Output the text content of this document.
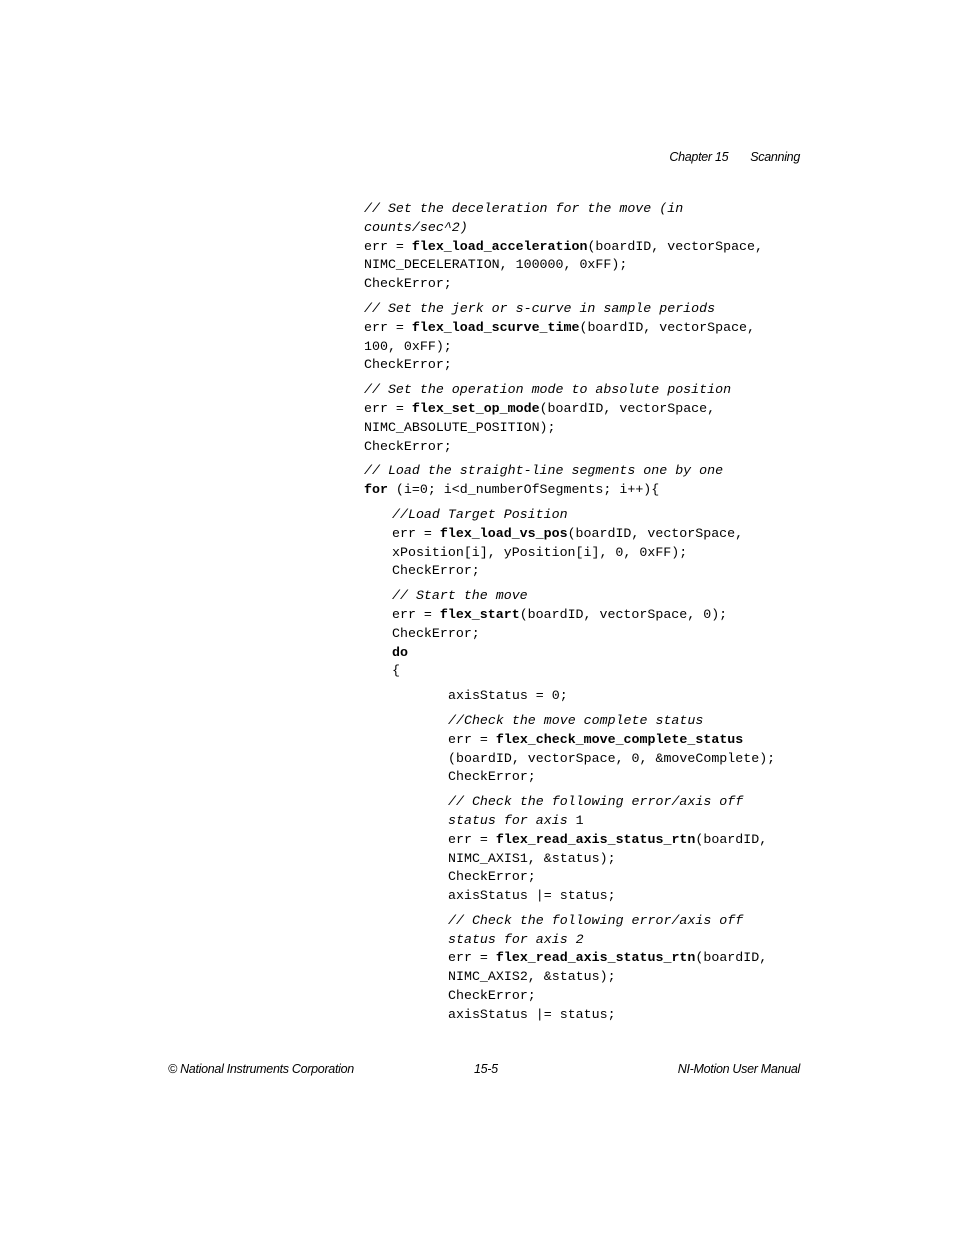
Chapter 15 Scanning
// Set the deceleration for the move (in
counts/sec^2)
err = flex_load_acceleration(boardID, vectorSpace,
NIMC_DECELERATION, 100000, 0xFF);
CheckError;
// Set the jerk or s-curve in sample periods
err = flex_load_scurve_time(boardID, vectorSpace,
100, 0xFF);
CheckError;
// Set the operation mode to absolute position
err = flex_set_op_mode(boardID, vectorSpace,
NIMC_ABSOLUTE_POSITION);
CheckError;
// Load the straight-line segments one by one
for (i=0; i<d_numberOfSegments; i++){
//Load Target Position
err = flex_load_vs_pos(boardID, vectorSpace,
xPosition[i], yPosition[i], 0, 0xFF);
CheckError;
// Start the move
err = flex_start(boardID, vectorSpace, 0);
CheckError;
do
{
axisStatus = 0;
//Check the move complete status
err = flex_check_move_complete_status
(boardID, vectorSpace, 0, &moveComplete);
CheckError;
// Check the following error/axis off
status for axis 1
err = flex_read_axis_status_rtn(boardID,
NIMC_AXIS1, &status);
CheckError;
axisStatus |= status;
// Check the following error/axis off
status for axis 2
err = flex_read_axis_status_rtn(boardID,
NIMC_AXIS2, &status);
CheckError;
axisStatus |= status;
© National Instruments Corporation	15-5	NI-Motion User Manual
